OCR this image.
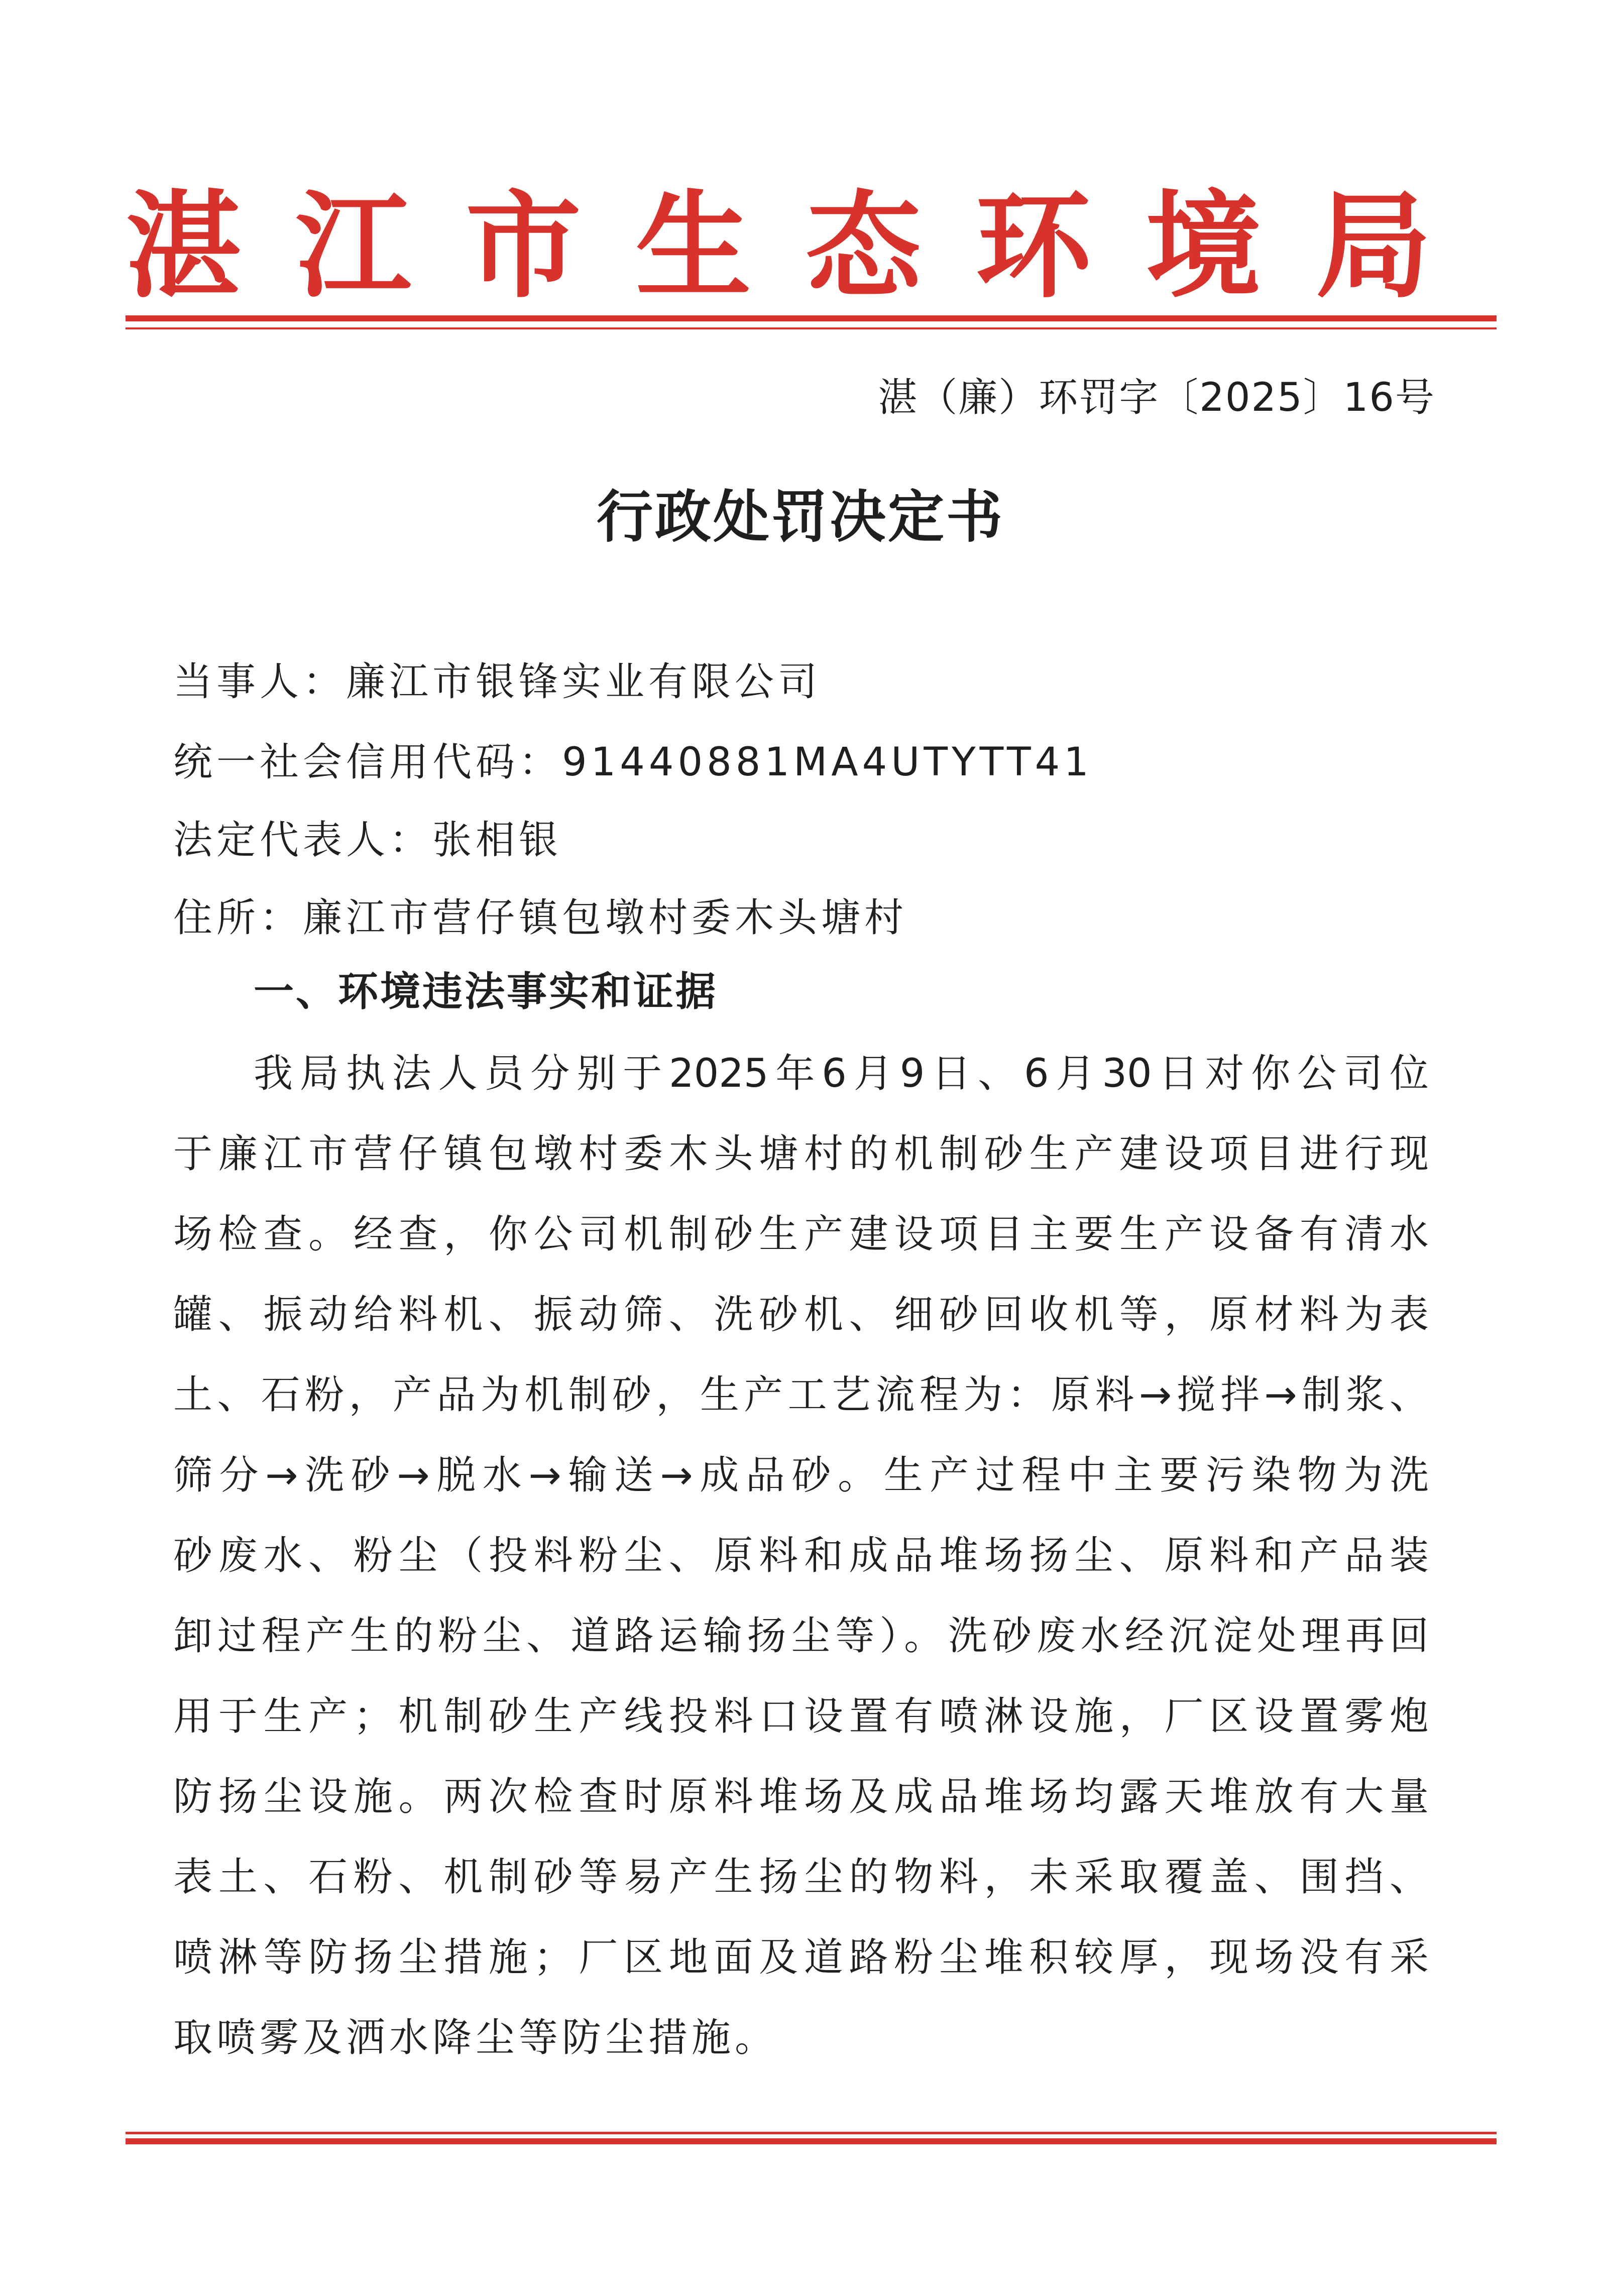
湛 江 市 生 态 环 境 局
湛（廉）环罚字〔2025〕16号
行政处罚决定书
当事人：廉江市银锋实业有限公司
统一社会信用代码：91440881MA4UTYTT41
法定代表人：张相银
住所：廉江市营仔镇包墩村委木头塘村
一、环境违法事实和证据
我局执法人员分别于2025年6月9日、6月30日对你公司位
于廉江市营仔镇包墩村委木头塘村的机制砂生产建设项目进行现
场检查。经查，你公司机制砂生产建设项目主要生产设备有清水
罐、振动给料机、振动筛、洗砂机、细砂回收机等，原材料为表
土、石粉，产品为机制砂，生产工艺流程为：原料→搅拌→制浆、
筛分→洗砂→脱水→输送→成品砂。生产过程中主要污染物为洗
砂废水、粉尘（投料粉尘、原料和成品堆场扬尘、原料和产品装
卸过程产生的粉尘、道路运输扬尘等）。洗砂废水经沉淀处理再回
用于生产；机制砂生产线投料口设置有喷淋设施，厂区设置雾炮
防扬尘设施。两次检查时原料堆场及成品堆场均露天堆放有大量
表土、石粉、机制砂等易产生扬尘的物料，未采取覆盖、围挡、
喷淋等防扬尘措施；厂区地面及道路粉尘堆积较厚，现场没有采
取喷雾及洒水降尘等防尘措施。
